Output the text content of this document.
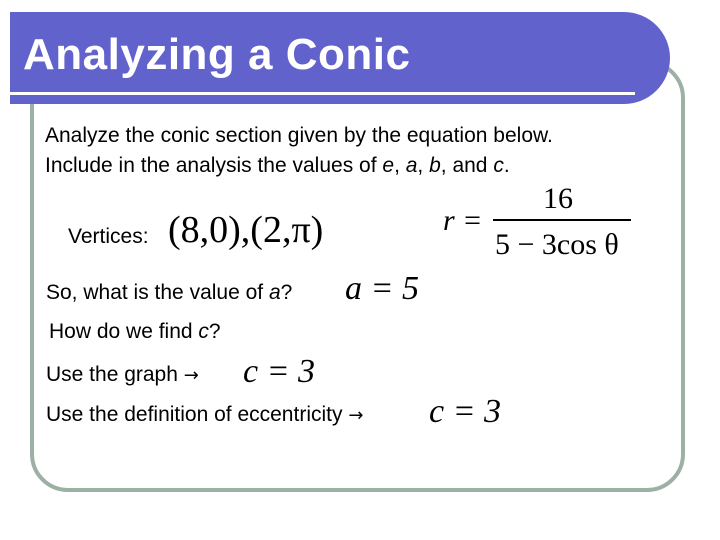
Analyzing a Conic
Analyze the conic section given by the equation below.
Include in the analysis the values of e, a, b, and c.
r =
16
5 − 3cos θ
Vertices: (8,0),(2,π)
So, what is the value of a? a = 5
How do we find c?
Use the graph → c = 3
Use the definition of eccentricity → c = 3
